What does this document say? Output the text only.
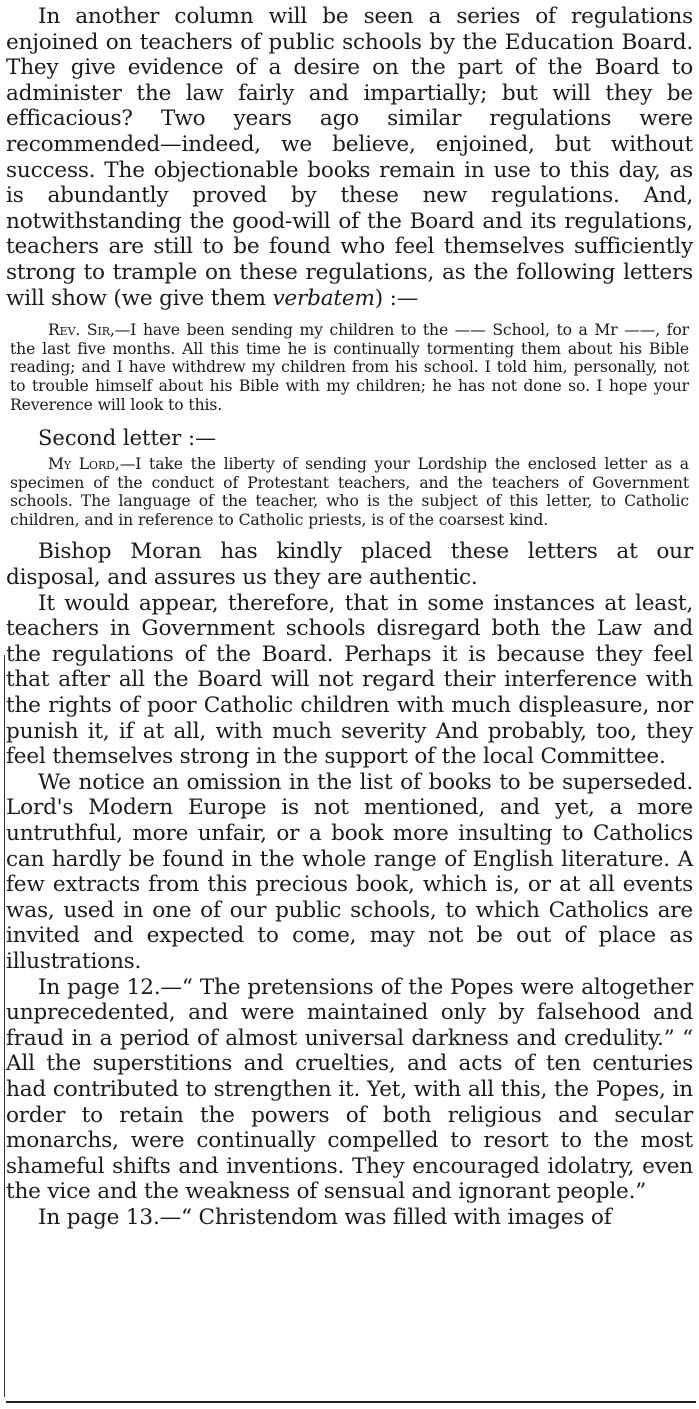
In another column will be seen a series of regulations enjoined on teachers of public schools by the Education Board. They give evidence of a desire on the part of the Board to administer the law fairly and impartially; but will they be efficacious? Two years ago similar regulations were recommended—indeed, we believe, enjoined, but without success. The objectionable books remain in use to this day, as is abundantly proved by these new regulations. And, notwithstanding the good-will of the Board and its regulations, teachers are still to be found who feel themselves sufficiently strong to trample on these regulations, as the following letters will show (we give them verbatem) :—

Rev. Sir,—I have been sending my children to the —— School, to a Mr ——, for the last five months. All this time he is continually tormenting them about his Bible reading; and I have withdrew my children from his school. I told him, personally, not to trouble himself about his Bible with my children; he has not done so. I hope your Reverence will look to this.

Second letter :—

My Lord,—I take the liberty of sending your Lordship the enclosed letter as a specimen of the conduct of Protestant teachers, and the teachers of Government schools. The language of the teacher, who is the subject of this letter, to Catholic children, and in reference to Catholic priests, is of the coarsest kind.

Bishop Moran has kindly placed these letters at our disposal, and assures us they are authentic.

It would appear, therefore, that in some instances at least, teachers in Government schools disregard both the Law and the regulations of the Board. Perhaps it is because they feel that after all the Board will not regard their interference with the rights of poor Catholic children with much displeasure, nor punish it, if at all, with much severity And probably, too, they feel themselves strong in the support of the local Committee.

We notice an omission in the list of books to be superseded. Lord's Modern Europe is not mentioned, and yet, a more untruthful, more unfair, or a book more insulting to Catholics can hardly be found in the whole range of English literature. A few extracts from this precious book, which is, or at all events was, used in one of our public schools, to which Catholics are invited and expected to come, may not be out of place as illustrations.

In page 12.—“ The pretensions of the Popes were altogether unprecedented, and were maintained only by falsehood and fraud in a period of almost universal darkness and credulity.” “ All the superstitions and cruelties, and acts of ten centuries had contributed to strengthen it. Yet, with all this, the Popes, in order to retain the powers of both religious and secular monarchs, were continually compelled to resort to the most shameful shifts and inventions. They encouraged idolatry, even the vice and the weakness of sensual and ignorant people.”

In page 13.—“ Christendom was filled with images of
